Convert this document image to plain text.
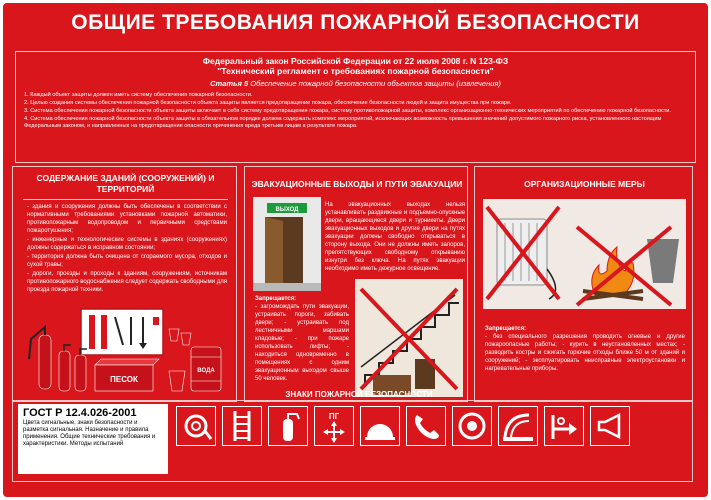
ОБЩИЕ ТРЕБОВАНИЯ ПОЖАРНОЙ БЕЗОПАСНОСТИ
Федеральный закон Российской Федерации от 22 июля 2008 г. N 123-ФЗ
"Технический регламент о требованиях пожарной безопасности"
Статья 5 Обеспечение пожарной безопасности объектов защиты (извлечения)

1. Каждый объект защиты должен иметь систему обеспечения пожарной безопасности.

2. Целью создания системы обеспечения пожарной безопасности объекта защиты является предотвращение пожара, обеспечение безопасности людей и защита имущества при пожаре.

3. Система обеспечения пожарной безопасности объекта защиты включает в себя систему предотвращения пожара, систему противопожарной защиты, комплекс организационно-технических мероприятий по обеспечению пожарной безопасности.

4. Система обеспечения пожарной безопасности объекта защиты в обязательном порядке должна содержать комплекс мероприятий, исключающих возможность превышения значений допустимого пожарного риска, установленного настоящим Федеральным законом, и направленных на предотвращение опасности причинения вреда третьим лицам в результате пожара.

СОДЕРЖАНИЕ ЗДАНИЙ (СООРУЖЕНИЙ) И ТЕРРИТОРИЙ

- здания и сооружения должны быть обеспечены в соответствии с нормативными требованиями установками пожарной автоматики, противопожарным водопроводом и первичными средствами пожаротушения;

- инженерные и технологические системы в зданиях (сооружениях) должны содержаться в исправном состоянии;

- территория должна быть очищена от сгораемого мусора, отходов и сухой травы;

- дороги, проезды и проходы к зданиям, сооружениям, источникам противопожарного водоснабжения следует содержать свободными для проезда пожарной техники.

ПЕСОК
ВОДА
ЭВАКУАЦИОННЫЕ ВЫХОДЫ И ПУТИ ЭВАКУАЦИИ
ВЫХОД
На эвакуационных выходах нельзя устанавливать раздвижные и подъемно-опускные двери, вращающиеся двери и турникеты. Двери эвакуационных выходов и другие двери на путях эвакуации должны свободно открываться в сторону выхода. Они не должны иметь запоров, препятствующих свободному открыванию изнутри без ключа. На путях эвакуации необходимо иметь дежурное освещение.
Запрещается:
- загромождать пути эвакуации, устраивать пороги, забивать двери; - устраивать под лестничными маршами кладовые; - при пожаре использовать лифты; - находиться одновременно в помещениях с одним эвакуационным выходом свыше 50 человек.
ОРГАНИЗАЦИОННЫЕ МЕРЫ
Запрещается:
- без специального разрешения проводить огневые и другие пожароопасные работы; - курить в неустановленных местах; - разводить костры и сжигать горючие отходы ближе 50 м от зданий и сооружений; - эксплуатировать неисправные электроустановки и нагревательные приборы.
ЗНАКИ ПОЖАРНОЙ БЕЗОПАСНОСТИ
ГОСТ Р 12.4.026-2001
Цвета сигнальные, знаки безопасности и разметка сигнальная. Назначение и правила применения. Общие технические требования и характеристики. Методы испытаний
ПГ
